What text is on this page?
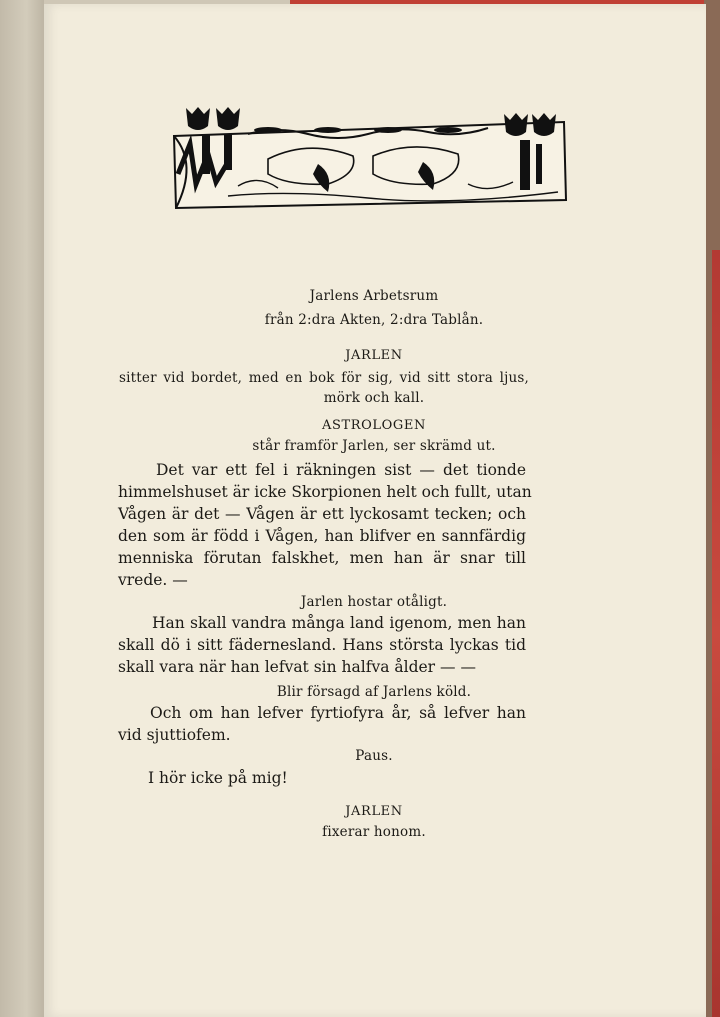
Jarlens Arbetsrum
från 2:dra Akten, 2:dra Tablån.
JARLEN
sitter vid bordet, med en bok för sig, vid sitt stora ljus,
mörk och kall.
ASTROLOGEN
står framför Jarlen, ser skrämd ut.
Det var ett fel i räkningen sist — det tionde
himmelshuset är icke Skorpionen helt och fullt, utan
Vågen är det — Vågen är ett lyckosamt tecken; och
den som är född i Vågen, han blifver en sannfärdig
menniska förutan falskhet, men han är snar till
vrede. —
Jarlen hostar otåligt.
Han skall vandra många land igenom, men han
skall dö i sitt fädernesland. Hans största lyckas tid
skall vara när han lefvat sin halfva ålder — —
Blir försagd af Jarlens köld.
Och om han lefver fyrtiofyra år, så lefver han
vid sjuttiofem.
Paus.
I hör icke på mig!
JARLEN
fixerar honom.
